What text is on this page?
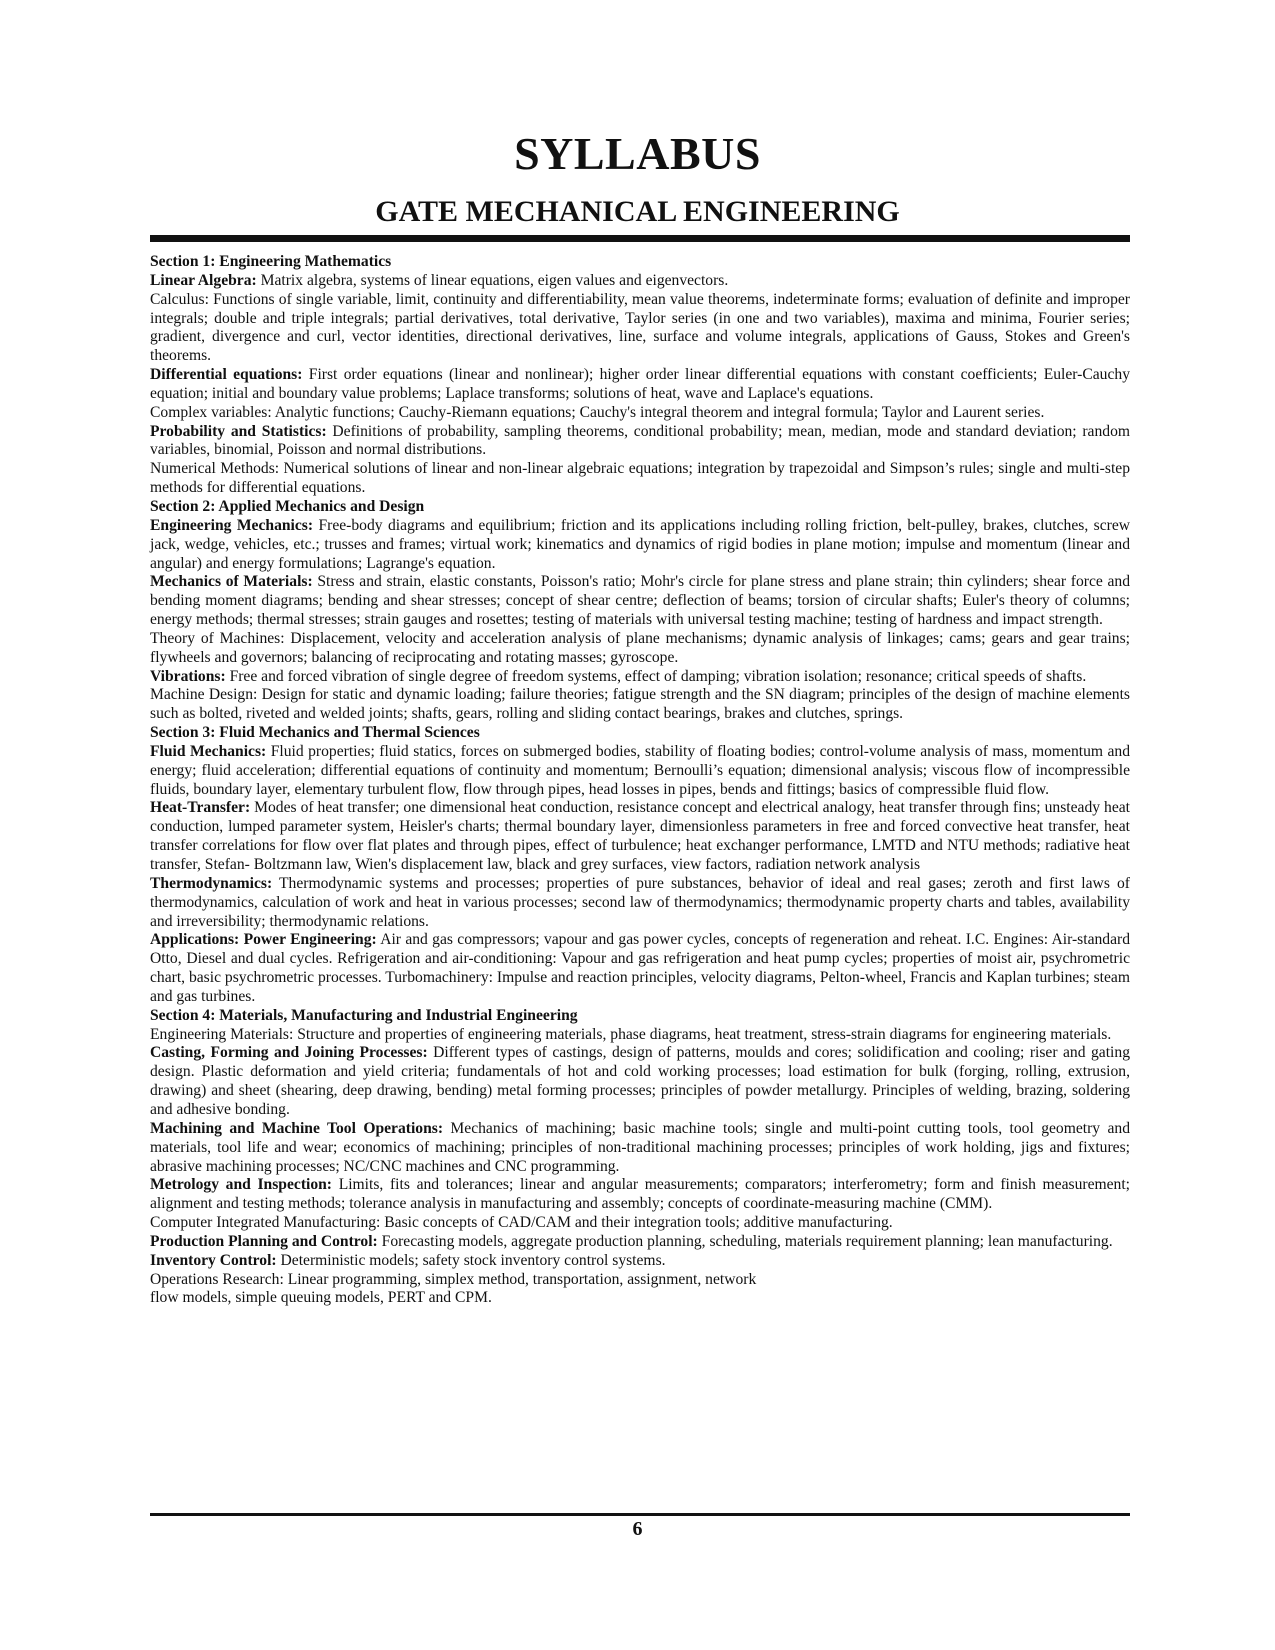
SYLLABUS
GATE MECHANICAL ENGINEERING

Section 1: Engineering Mathematics

Linear Algebra: Matrix algebra, systems of linear equations, eigen values and eigenvectors.

Calculus: Functions of single variable, limit, continuity and differentiability, mean value theorems, indeterminate forms; evaluation of definite and improper integrals; double and triple integrals; partial derivatives, total derivative, Taylor series (in one and two variables), maxima and minima, Fourier series; gradient, divergence and curl, vector identities, directional derivatives, line, surface and volume integrals, applications of Gauss, Stokes and Green's theorems.

Differential equations: First order equations (linear and nonlinear); higher order linear differential equations with constant coefficients; Euler-Cauchy equation; initial and boundary value problems; Laplace transforms; solutions of heat, wave and Laplace's equations.

Complex variables: Analytic functions; Cauchy-Riemann equations; Cauchy's integral theorem and integral formula; Taylor and Laurent series.

Probability and Statistics: Definitions of probability, sampling theorems, conditional probability; mean, median, mode and standard deviation; random variables, binomial, Poisson and normal distributions.

Numerical Methods: Numerical solutions of linear and non-linear algebraic equations; integration by trapezoidal and Simpson’s rules; single and multi-step methods for differential equations.

Section 2: Applied Mechanics and Design

Engineering Mechanics: Free-body diagrams and equilibrium; friction and its applications including rolling friction, belt-pulley, brakes, clutches, screw jack, wedge, vehicles, etc.; trusses and frames; virtual work; kinematics and dynamics of rigid bodies in plane motion; impulse and momentum (linear and angular) and energy formulations; Lagrange's equation.

Mechanics of Materials: Stress and strain, elastic constants, Poisson's ratio; Mohr's circle for plane stress and plane strain; thin cylinders; shear force and bending moment diagrams; bending and shear stresses; concept of shear centre; deflection of beams; torsion of circular shafts; Euler's theory of columns; energy methods; thermal stresses; strain gauges and rosettes; testing of materials with universal testing machine; testing of hardness and impact strength.

Theory of Machines: Displacement, velocity and acceleration analysis of plane mechanisms; dynamic analysis of linkages; cams; gears and gear trains; flywheels and governors; balancing of reciprocating and rotating masses; gyroscope.

Vibrations: Free and forced vibration of single degree of freedom systems, effect of damping; vibration isolation; resonance; critical speeds of shafts.

Machine Design: Design for static and dynamic loading; failure theories; fatigue strength and the SN diagram; principles of the design of machine elements such as bolted, riveted and welded joints; shafts, gears, rolling and sliding contact bearings, brakes and clutches, springs.

Section 3: Fluid Mechanics and Thermal Sciences

Fluid Mechanics: Fluid properties; fluid statics, forces on submerged bodies, stability of floating bodies; control-volume analysis of mass, momentum and energy; fluid acceleration; differential equations of continuity and momentum; Bernoulli’s equation; dimensional analysis; viscous flow of incompressible fluids, boundary layer, elementary turbulent flow, flow through pipes, head losses in pipes, bends and fittings; basics of compressible fluid flow.

Heat-Transfer: Modes of heat transfer; one dimensional heat conduction, resistance concept and electrical analogy, heat transfer through fins; unsteady heat conduction, lumped parameter system, Heisler's charts; thermal boundary layer, dimensionless parameters in free and forced convective heat transfer, heat transfer correlations for flow over flat plates and through pipes, effect of turbulence; heat exchanger performance, LMTD and NTU methods; radiative heat transfer, Stefan- Boltzmann law, Wien's displacement law, black and grey surfaces, view factors, radiation network analysis

Thermodynamics: Thermodynamic systems and processes; properties of pure substances, behavior of ideal and real gases; zeroth and first laws of thermodynamics, calculation of work and heat in various processes; second law of thermodynamics; thermodynamic property charts and tables, availability and irreversibility; thermodynamic relations.

Applications: Power Engineering: Air and gas compressors; vapour and gas power cycles, concepts of regeneration and reheat. I.C. Engines: Air-standard Otto, Diesel and dual cycles. Refrigeration and air-conditioning: Vapour and gas refrigeration and heat pump cycles; properties of moist air, psychrometric chart, basic psychrometric processes. Turbomachinery: Impulse and reaction principles, velocity diagrams, Pelton-wheel, Francis and Kaplan turbines; steam and gas turbines.

Section 4: Materials, Manufacturing and Industrial Engineering

Engineering Materials: Structure and properties of engineering materials, phase diagrams, heat treatment, stress-strain diagrams for engineering materials.

Casting, Forming and Joining Processes: Different types of castings, design of patterns, moulds and cores; solidification and cooling; riser and gating design. Plastic deformation and yield criteria; fundamentals of hot and cold working processes; load estimation for bulk (forging, rolling, extrusion, drawing) and sheet (shearing, deep drawing, bending) metal forming processes; principles of powder metallurgy. Principles of welding, brazing, soldering and adhesive bonding.

Machining and Machine Tool Operations: Mechanics of machining; basic machine tools; single and multi-point cutting tools, tool geometry and materials, tool life and wear; economics of machining; principles of non-traditional machining processes; principles of work holding, jigs and fixtures; abrasive machining processes; NC/CNC machines and CNC programming.

Metrology and Inspection: Limits, fits and tolerances; linear and angular measurements; comparators; interferometry; form and finish measurement; alignment and testing methods; tolerance analysis in manufacturing and assembly; concepts of coordinate-measuring machine (CMM).

Computer Integrated Manufacturing: Basic concepts of CAD/CAM and their integration tools; additive manufacturing.

Production Planning and Control: Forecasting models, aggregate production planning, scheduling, materials requirement planning; lean manufacturing.

Inventory Control: Deterministic models; safety stock inventory control systems.

Operations Research: Linear programming, simplex method, transportation, assignment, network

flow models, simple queuing models, PERT and CPM.

6
